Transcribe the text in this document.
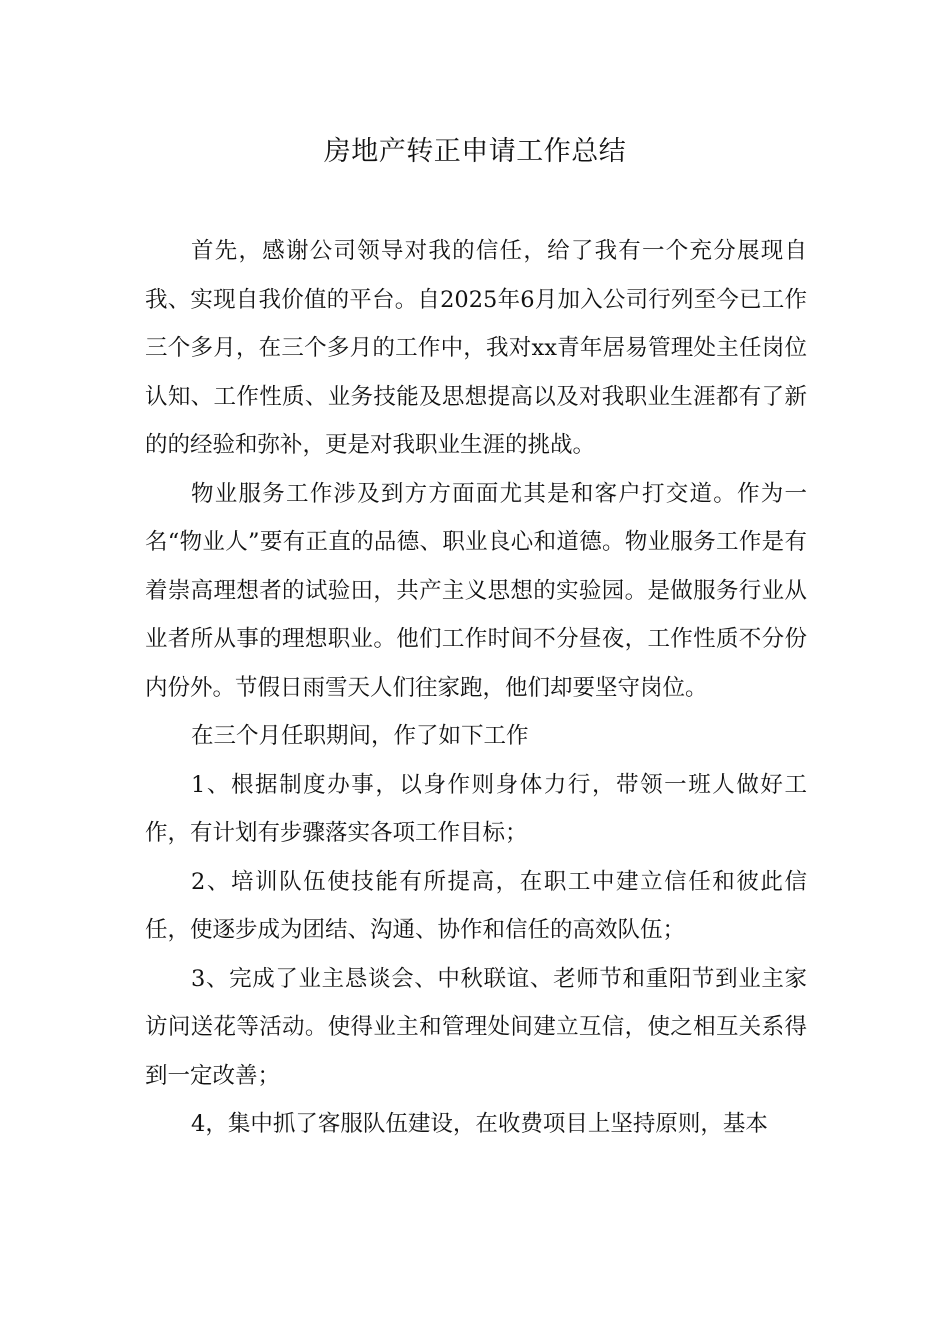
房地产转正申请工作总结

首先，感谢公司领导对我的信任，给了我有一个充分展现自我、实现自我价值的平台。自2025年6月加入公司行列至今已工作三个多月，在三个多月的工作中，我对xx青年居易管理处主任岗位认知、工作性质、业务技能及思想提高以及对我职业生涯都有了新的的经验和弥补，更是对我职业生涯的挑战。

物业服务工作涉及到方方面面尤其是和客户打交道。作为一名“物业人”要有正直的品德、职业良心和道德。物业服务工作是有着崇高理想者的试验田，共产主义思想的实验园。是做服务行业从业者所从事的理想职业。他们工作时间不分昼夜，工作性质不分份内份外。节假日雨雪天人们往家跑，他们却要坚守岗位。

在三个月任职期间，作了如下工作

1、根据制度办事，以身作则身体力行，带领一班人做好工作，有计划有步骤落实各项工作目标；

2、培训队伍使技能有所提高，在职工中建立信任和彼此信任，使逐步成为团结、沟通、协作和信任的高效队伍；

3、完成了业主恳谈会、中秋联谊、老师节和重阳节到业主家访问送花等活动。使得业主和管理处间建立互信，使之相互关系得到一定改善；

4，集中抓了客服队伍建设，在收费项目上坚持原则，基本
